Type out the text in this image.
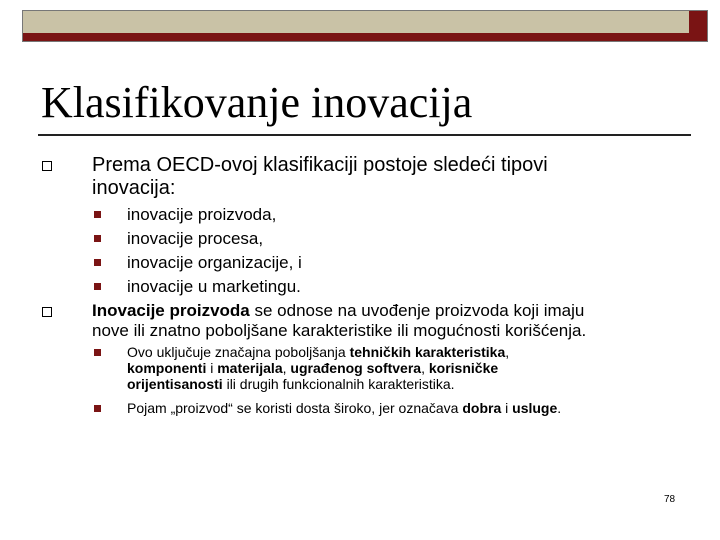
Klasifikovanje inovacija
Prema OECD-ovoj klasifikaciji postoje sledeći tipovi
inovacija:
inovacije proizvoda,
inovacije procesa,
inovacije organizacije, i
inovacije u marketingu.
Inovacije proizvoda se odnose na uvođenje proizvoda koji imaju
nove ili znatno poboljšane karakteristike ili mogućnosti korišćenja.
Ovo uključuje značajna poboljšanja tehničkih karakteristika,
komponenti i materijala, ugrađenog softvera, korisničke
orijentisanosti ili drugih funkcionalnih karakteristika.
Pojam „proizvod“ se koristi dosta široko, jer označava dobra i usluge.
78
